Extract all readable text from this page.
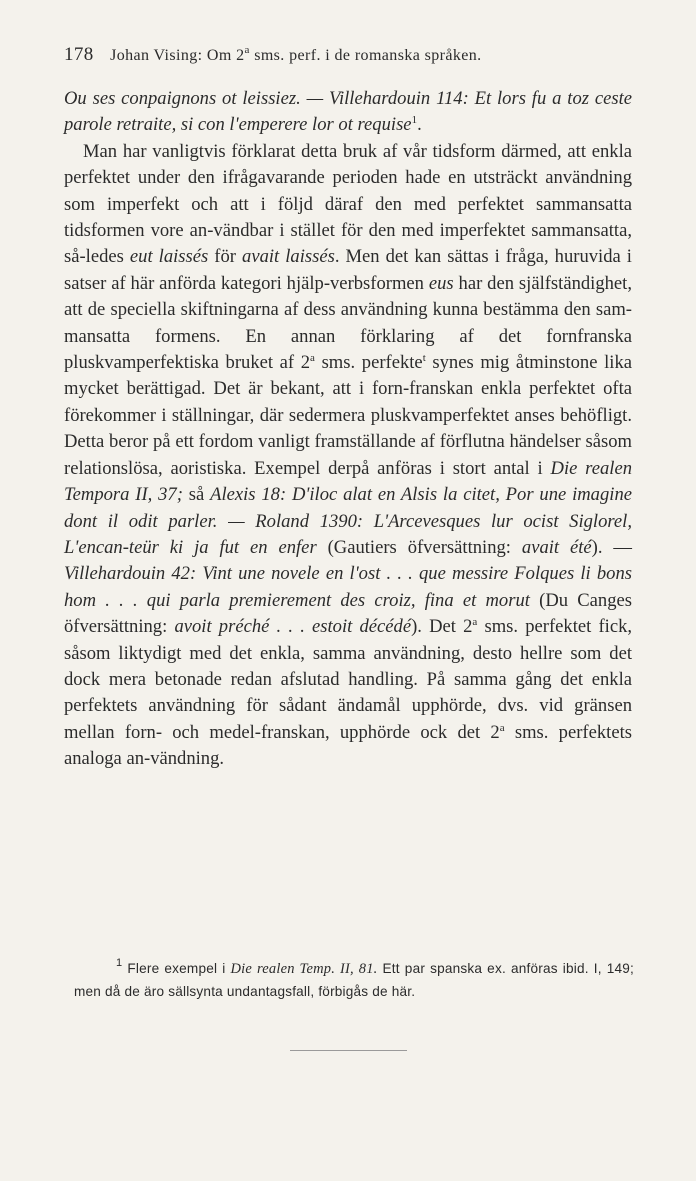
178 Johan Vising: Om 2$^a$ sms. perf. i de romanska språken.

Ou ses conpaignons ot leissiez. — Villehardouin 114: Et lors fu a toz ceste parole retraite, si con l'emperere lor ot requise$^1$.

Man har vanligtvis förklarat detta bruk af vår tidsform därmed, att enkla perfektet under den ifrågavarande perioden hade en utsträckt användning som imperfekt och att i följd däraf den med perfektet sammansatta tidsformen vore an-vändbar i stället för den med imperfektet sammansatta, så-ledes eut laissés för avait laissés. Men det kan sättas i fråga, huruvida i satser af här anförda kategori hjälp-verbsformen eus har den själfständighet, att de speciella skiftningarna af dess användning kunna bestämma den sam-mansatta formens. En annan förklaring af det fornfranska pluskvamperfektiska bruket af 2$^a$ sms. perfekte$^t$ synes mig åtminstone lika mycket berättigad. Det är bekant, att i forn-franskan enkla perfektet ofta förekommer i ställningar, där sedermera pluskvamperfektet anses behöfligt. Detta beror på ett fordom vanligt framställande af förflutna händelser såsom relationslösa, aoristiska. Exempel derpå anföras i stort antal i Die realen Tempora II, 37; så Alexis 18: D'iloc alat en Alsis la citet, Por une imagine dont il odit parler. — Roland 1390: L'Arcevesques lur ocist Siglorel, L'encan-teür ki ja fut en enfer (Gautiers öfversättning: avait été). — Villehardouin 42: Vint une novele en l'ost . . . que messire Folques li bons hom . . . qui parla premierement des croiz, fina et morut (Du Canges öfversättning: avoit préché . . . estoit décédé). Det 2$^a$ sms. perfektet fick, såsom liktydigt med det enkla, samma användning, desto hellre som det dock mera betonade redan afslutad handling. På samma gång det enkla perfektets användning för sådant ändamål upphörde, dvs. vid gränsen mellan forn- och medel-franskan, upphörde ock det 2$^a$ sms. perfektets analoga an-vändning.

$^1$ Flere exempel i Die realen Temp. II, 81. Ett par spanska ex. anföras ibid. I, 149; men då de äro sällsynta undantagsfall, förbigås de här.
